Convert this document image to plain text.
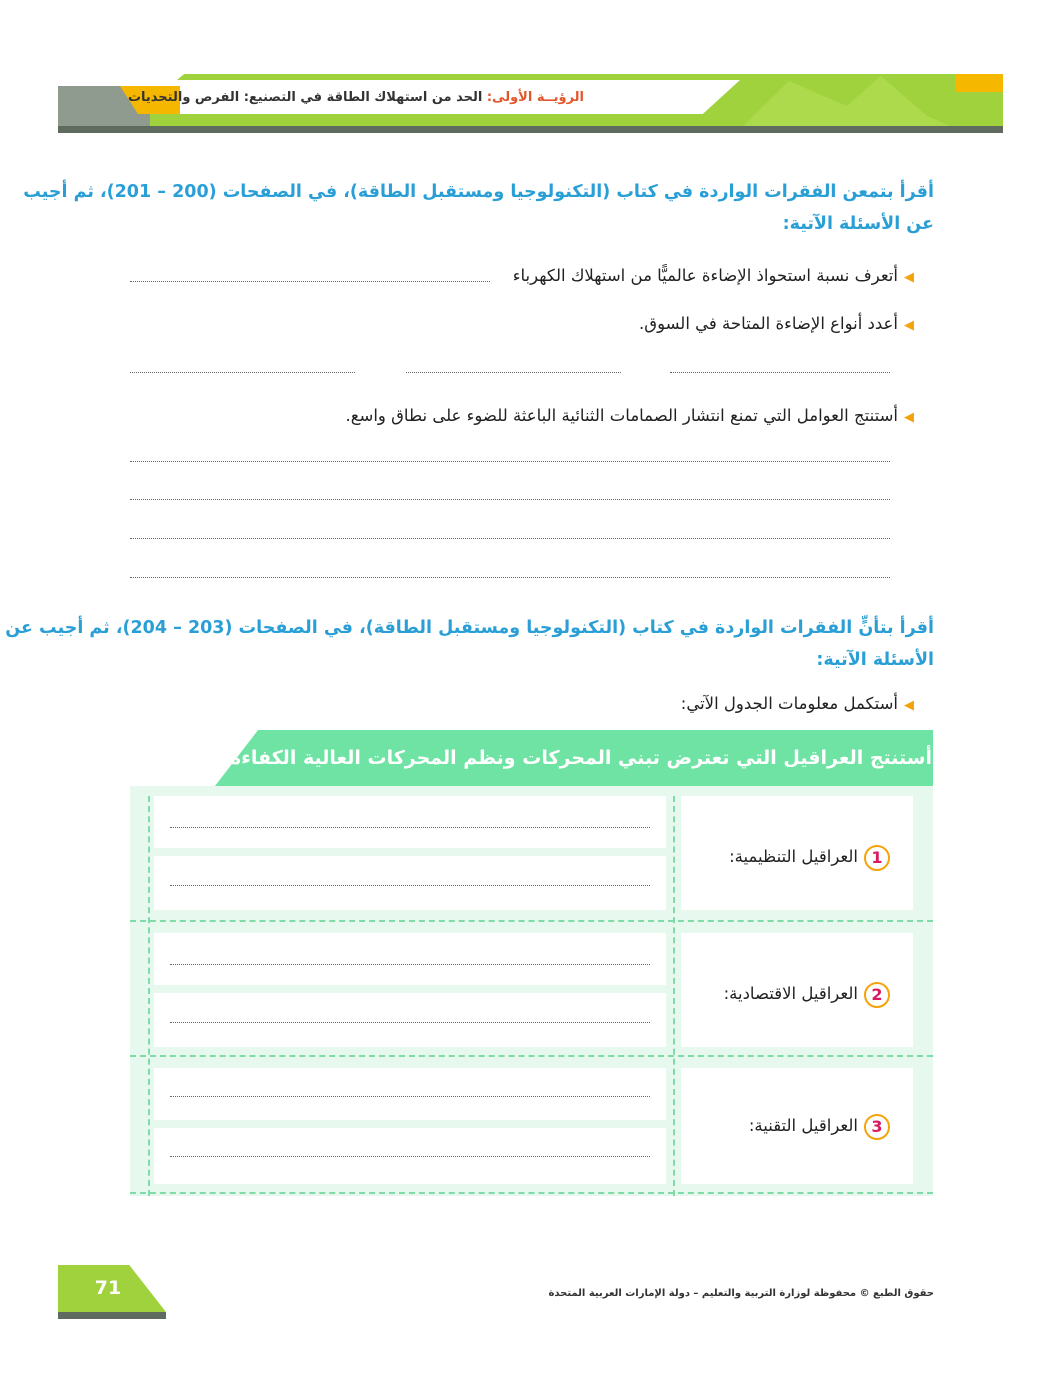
الرؤيــة الأولى: الحد من استهلاك الطاقة في التصنيع: الفرص والتحديات
أقرأ بتمعن الفقرات الواردة في كتاب (التكنولوجيا ومستقبل الطاقة)، في الصفحات (200 – 201)، ثم أجيب
عن الأسئلة الآتية:
◀أتعرف نسبة استحواذ الإضاءة عالميًّا من استهلاك الكهرباء
◀أعدد أنواع الإضاءة المتاحة في السوق.
◀أستنتج العوامل التي تمنع انتشار الصمامات الثنائية الباعثة للضوء على نطاق واسع.
أقرأ بتأنٍّ الفقرات الواردة في كتاب (التكنولوجيا ومستقبل الطاقة)، في الصفحات (203 – 204)، ثم أجيب عن
الأسئلة الآتية:
◀أستكمل معلومات الجدول الآتي:
أستنتج العراقيل التي تعترض تبني المحركات ونظم المحركات العالية الكفاءة:
1العراقيل التنظيمية:
2العراقيل الاقتصادية:
3العراقيل التقنية:
71	حقوق الطبع © محفوظة لوزارة التربية والتعليم – دولة الإمارات العربية المتحدة
